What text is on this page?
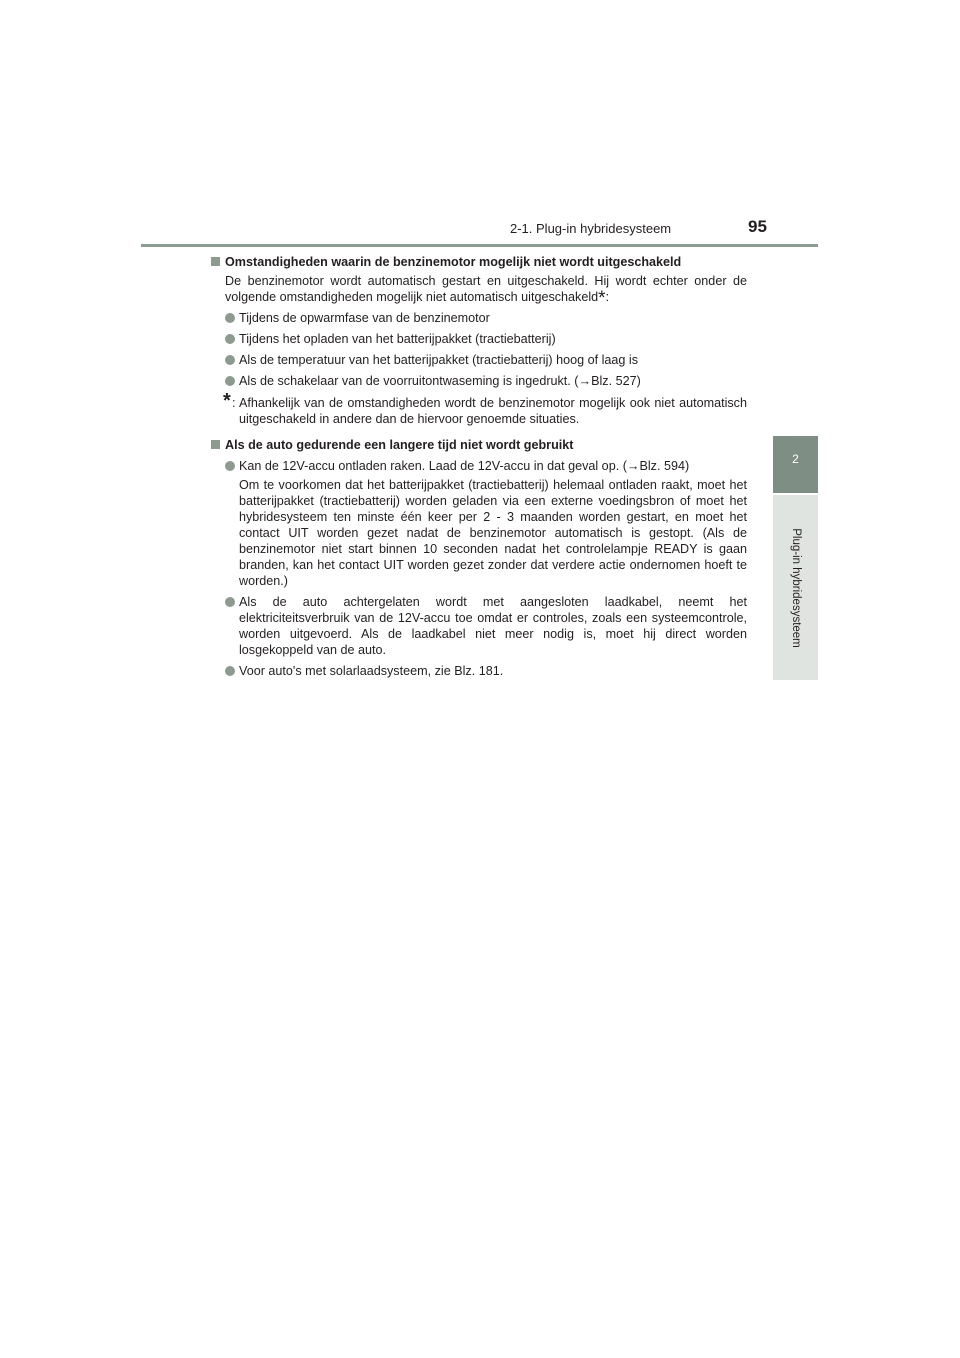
2-1. Plug-in hybridesysteem	95
2
Plug-in hybridesysteem
Omstandigheden waarin de benzinemotor mogelijk niet wordt uitgeschakeld
De benzinemotor wordt automatisch gestart en uitgeschakeld. Hij wordt echter onder de volgende omstandigheden mogelijk niet automatisch uitgeschakeld*:
Tijdens de opwarmfase van de benzinemotor
Tijdens het opladen van het batterijpakket (tractiebatterij)
Als de temperatuur van het batterijpakket (tractiebatterij) hoog of laag is
Als de schakelaar van de voorruitontwaseming is ingedrukt. (→Blz. 527)
* : Afhankelijk van de omstandigheden wordt de benzinemotor mogelijk ook niet automatisch uitgeschakeld in andere dan de hiervoor genoemde situaties.
Als de auto gedurende een langere tijd niet wordt gebruikt
Kan de 12V-accu ontladen raken. Laad de 12V-accu in dat geval op. (→Blz. 594)
Om te voorkomen dat het batterijpakket (tractiebatterij) helemaal ontladen raakt, moet het batterijpakket (tractiebatterij) worden geladen via een externe voedingsbron of moet het hybridesysteem ten minste één keer per 2 - 3 maanden worden gestart, en moet het contact UIT worden gezet nadat de benzinemotor automatisch is gestopt. (Als de benzinemotor niet start binnen 10 seconden nadat het controlelampje READY is gaan branden, kan het contact UIT worden gezet zonder dat verdere actie ondernomen hoeft te worden.)
Als de auto achtergelaten wordt met aangesloten laadkabel, neemt het elektriciteitsverbruik van de 12V-accu toe omdat er controles, zoals een systeemcontrole, worden uitgevoerd. Als de laadkabel niet meer nodig is, moet hij direct worden losgekoppeld van de auto.
Voor auto's met solarlaadsysteem, zie Blz. 181.
